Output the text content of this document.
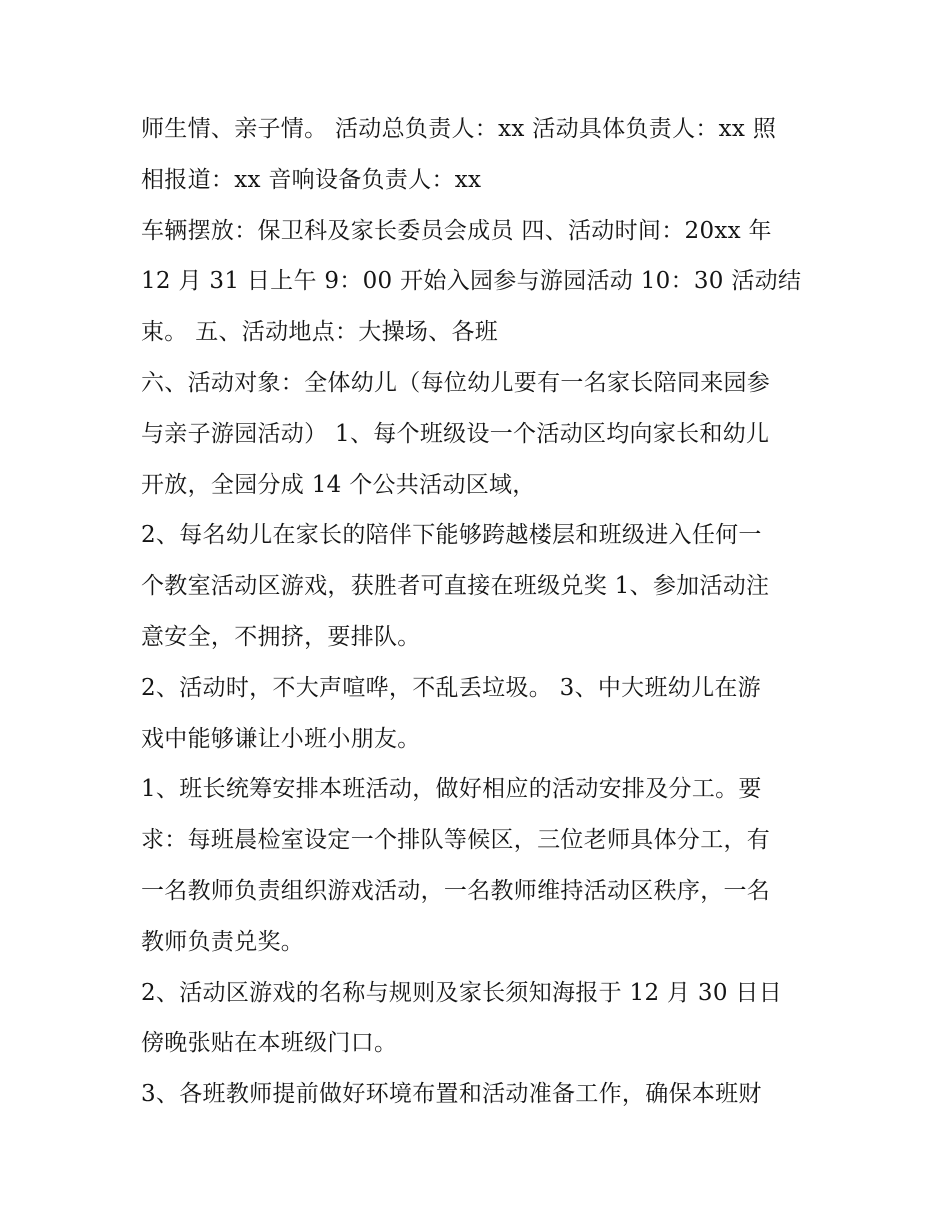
师生情、亲子情。 活动总负责人：xx 活动具体负责人：xx 照
相报道：xx 音响设备负责人：xx
车辆摆放：保卫科及家长委员会成员 四、活动时间：20xx 年
12 月 31 日上午 9：00 开始入园参与游园活动 10：30 活动结
束。 五、活动地点：大操场、各班
六、活动对象：全体幼儿（每位幼儿要有一名家长陪同来园参
与亲子游园活动） 1、每个班级设一个活动区均向家长和幼儿
开放，全园分成 14 个公共活动区域，
2、每名幼儿在家长的陪伴下能够跨越楼层和班级进入任何一
个教室活动区游戏，获胜者可直接在班级兑奖 1、参加活动注
意安全，不拥挤，要排队。
2、活动时，不大声喧哗，不乱丢垃圾。 3、中大班幼儿在游
戏中能够谦让小班小朋友。
1、班长统筹安排本班活动，做好相应的活动安排及分工。要
求：每班晨检室设定一个排队等候区，三位老师具体分工，有
一名教师负责组织游戏活动，一名教师维持活动区秩序，一名
教师负责兑奖。
2、活动区游戏的名称与规则及家长须知海报于 12 月 30 日日
傍晚张贴在本班级门口。
3、各班教师提前做好环境布置和活动准备工作，确保本班财
